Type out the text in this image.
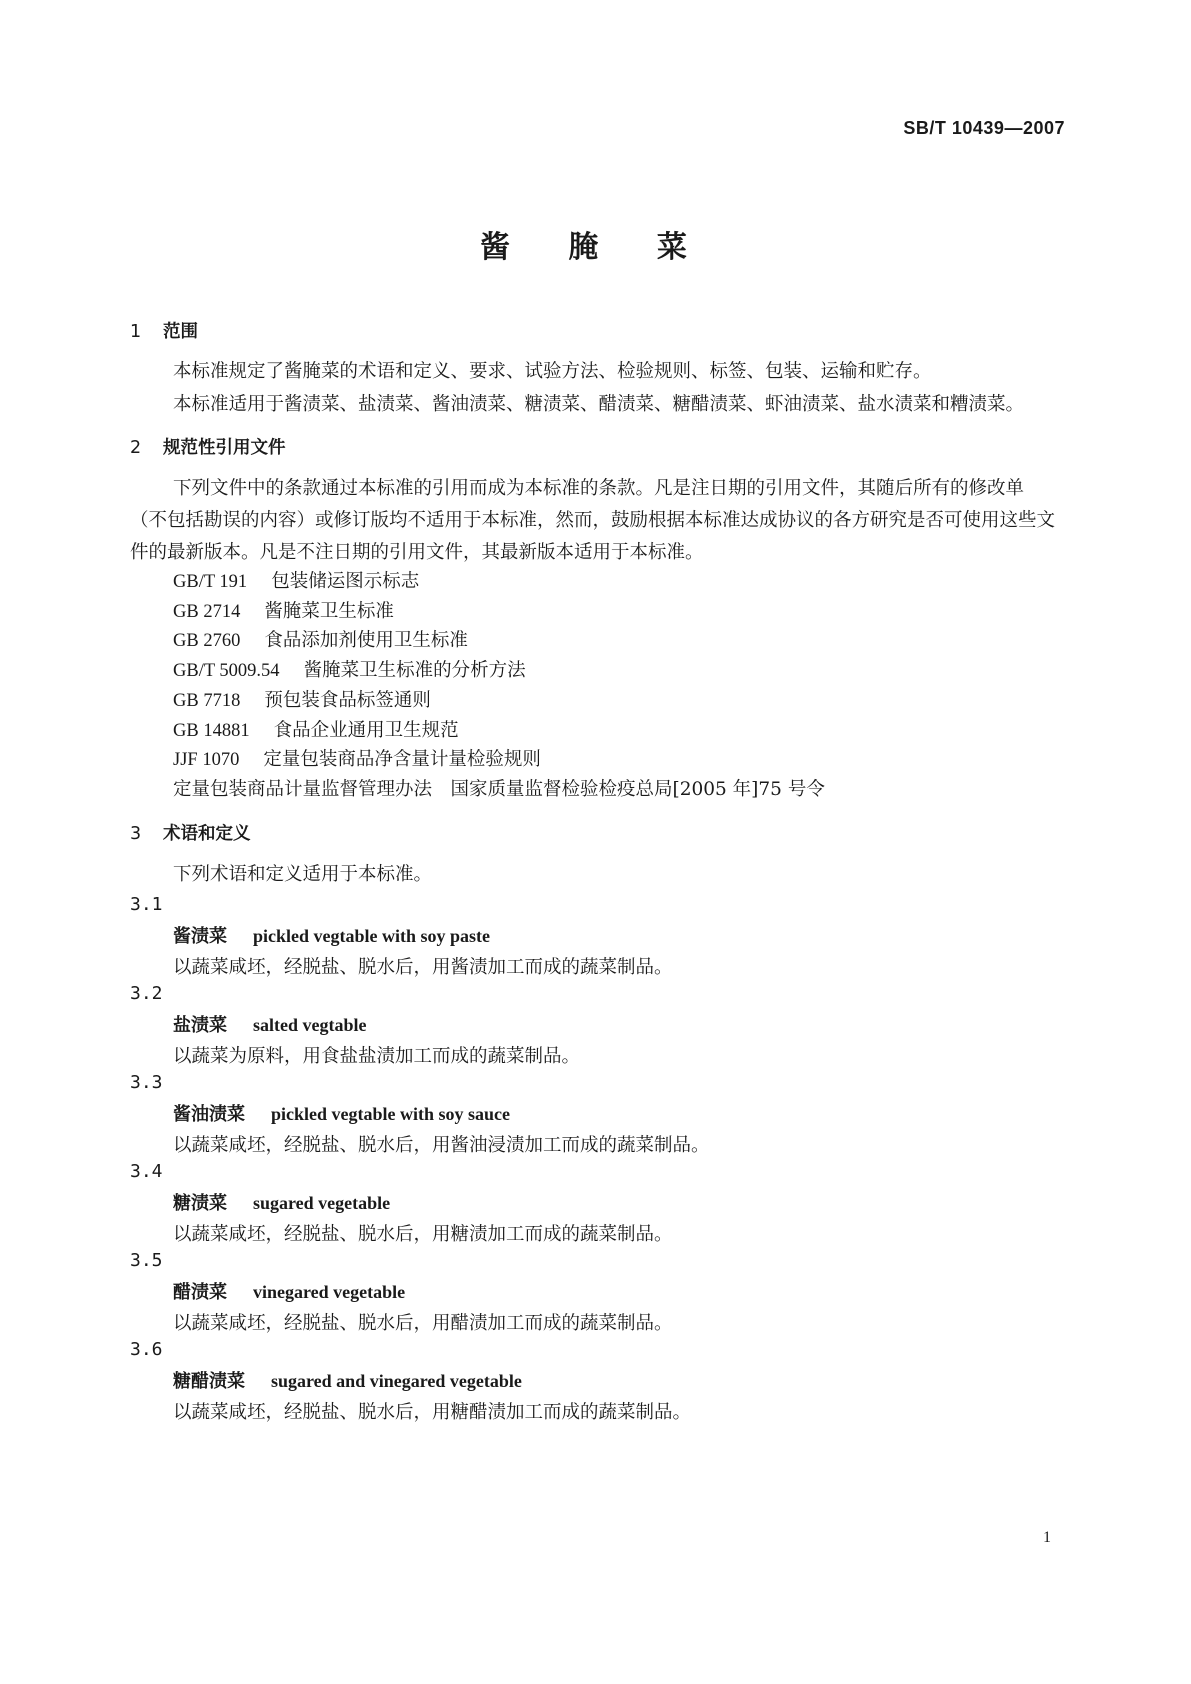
SB/T 10439—2007
酱 腌 菜
1 范围
本标准规定了酱腌菜的术语和定义、要求、试验方法、检验规则、标签、包装、运输和贮存。
本标准适用于酱渍菜、盐渍菜、酱油渍菜、糖渍菜、醋渍菜、糖醋渍菜、虾油渍菜、盐水渍菜和糟渍菜。
2 规范性引用文件
下列文件中的条款通过本标准的引用而成为本标准的条款。凡是注日期的引用文件，其随后所有的修改单（不包括勘误的内容）或修订版均不适用于本标准，然而，鼓励根据本标准达成协议的各方研究是否可使用这些文件的最新版本。凡是不注日期的引用文件，其最新版本适用于本标准。
GB/T 191 包装储运图示标志
GB 2714 酱腌菜卫生标准
GB 2760 食品添加剂使用卫生标准
GB/T 5009.54 酱腌菜卫生标准的分析方法
GB 7718 预包装食品标签通则
GB 14881 食品企业通用卫生规范
JJF 1070 定量包装商品净含量计量检验规则
定量包装商品计量监督管理办法　国家质量监督检验检疫总局[2005 年]75 号令
3 术语和定义
下列术语和定义适用于本标准。
3.1
酱渍菜 pickled vegtable with soy paste
以蔬菜咸坯，经脱盐、脱水后，用酱渍加工而成的蔬菜制品。
3.2
盐渍菜 salted vegtable
以蔬菜为原料，用食盐盐渍加工而成的蔬菜制品。
3.3
酱油渍菜 pickled vegtable with soy sauce
以蔬菜咸坯，经脱盐、脱水后，用酱油浸渍加工而成的蔬菜制品。
3.4
糖渍菜 sugared vegetable
以蔬菜咸坯，经脱盐、脱水后，用糖渍加工而成的蔬菜制品。
3.5
醋渍菜 vinegared vegetable
以蔬菜咸坯，经脱盐、脱水后，用醋渍加工而成的蔬菜制品。
3.6
糖醋渍菜 sugared and vinegared vegetable
以蔬菜咸坯，经脱盐、脱水后，用糖醋渍加工而成的蔬菜制品。
1
